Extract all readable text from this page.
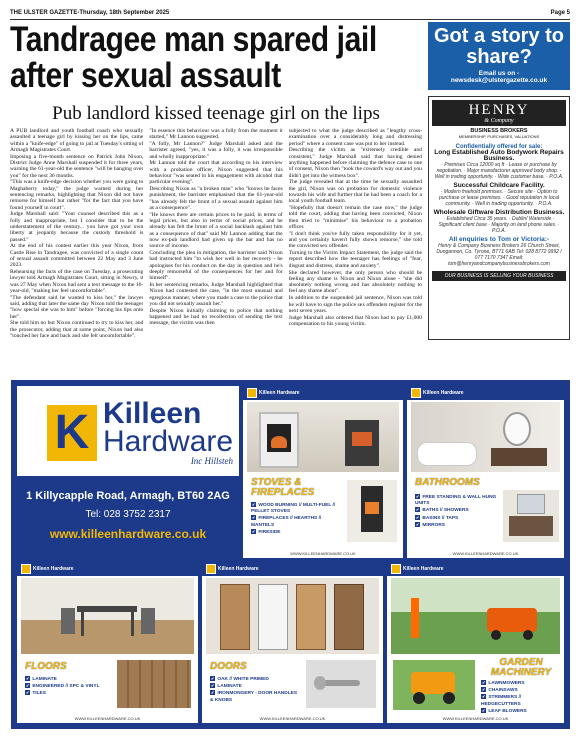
THE ULSTER GAZETTE-Thursday, 18th September 2025	Page 5
Tandragee man spared jail after sexual assault
Pub landlord kissed teenage girl on the lips

A PUB landlord and youth football coach who sexually assaulted a teenage girl by kissing her on the lips, came within a "knife-edge" of going to jail at Tuesday's sitting of Armagh Magistrates Court.

Imposing a five-month sentence on Patrick John Nixon, District Judge Anne Marshall suspended it for three years, warning the 61-year-old the sentence "will be hanging over you" for the next 36 months.

"This was a knife-edge decision whether you were going to Maghaberry today," the judge warned during her sentencing remarks, highlighting that Nixon did not have remorse for himself but rather "for the fact that you have found yourself in court".

Judge Marshall said: "Your counsel described this as a folly and inappropriate, but I consider that to be the understatement of the century... you have got your own liberty at jeopardy because the custody threshold is passed."

At the end of his contest earlier this year Nixon, from Castle Rise in Tandragee, was convicted of a single count of sexual assault committed between 22 May and 3 June 2023.

Rehearsing the facts of the case on Tuesday, a prosecuting lawyer told Armagh Magistrates Court, sitting in Newry, it was 27 May when Nixon had sent a text message to the 16-year-old, "making her feel uncomfortable".

"The defendant said he wanted to kiss her," the lawyer said, adding that later the same day Nixon told the teenager "how special she was to him" before "forcing his lips onto her".

She told him no but Nixon continued to try to kiss her, and the prosecutor, adding that at some point, Nixon had also "touched her face and back and she felt uncomfortable".

"In essence this behaviour was a folly from the moment it started," Mr Lannon suggested.

"A folly, Mr Lannon?" Judge Marshall asked and the barrister agreed, "yes, it was a folly, it was irresponsible and wholly inappropriate."

Mr Lannon told the court that according to his interview with a probation officer, Nixon suggested that his behaviour "was seated in his engagement with alcohol that particular evening".

Describing Nixon as "a broken man" who "knows he faces punishment, the barrister emphasised that the 61-year-old "has already felt the brunt of a sexual assault against him as a consequence".

"He knows there are certain prices to be paid, in terms of legal prices, but also in terms of social prices, and he already has felt the brunt of a social backlash against him as a consequence of that" said Mr Lannon adding that the now ex-pub landlord had given up the bar and has no source of income.

Concluding the plea in mitigation, the barrister said Nixon had instructed him "to wish her well in her recovery - he apologises for his conduct on the day in question and he's deeply remorseful of the consequences for her and for himself".

In her sentencing remarks, Judge Marshall highlighted that Nixon had contested the case, "in the most unusual and egregious manner, where you made a case to the police that you did not sexually assault her."

Despite Nixon initially claiming to police that nothing happened and he had no recollection of sending the text message, the victim was then

subjected to what the judge described as "lengthy cross-examination over a considerably long and distressing period" where a consent case was put to her instead.

Describing the victim as "extremely credible and consistent," Judge Marshall said that having denied anything happened before claiming the defence case to one of consent, Nixon then "took the coward's way out and you didn't get into the witness box".

The judge revealed that at the time he sexually assaulted the girl, Nixon was on probation for domestic violence towards his wife and further that he had been a coach for a local youth football team.

"Hopefully that doesn't remain the case now," the judge told the court, adding that having been convicted, Nixon then tried to "minimise" his behaviour to a probation officer.

"I don't think you've fully taken responsibility for it yet, and you certainly haven't fully shown remorse," she told the convicted sex offender.

Turning to the Victim Impact Statement, the judge said the report described how the teenager has feelings of "fear, disgust and distress, shame and anxiety".

She declared however, the only person who should be feeling any shame is Nixon and Nixon alone - "she did absolutely nothing wrong and has absolutely nothing to feel any shame about".

In addition to the suspended jail sentence, Nixon was told he will have to sign the police sex offenders register for the next seven years.

Judge Marshall also ordered that Nixon had to pay £1,000 compensation to his young victim.

Got a story to share?
Email us on - newsdesk@ulstergazette.co.uk
HENRY
& Company
BUSINESS BROKERS
MEMBERSHIP, PURCHASES, VALUATIONS
Confidentially offered for sale:
Long Established Auto Bodywork Repairs Business.
· Premises Circa 12000 sq ft · Lease or purchase by negotiation. · Major manufacturer approved body shop. · Well in trading opportunity. · Wide customer base. · P.O.A.
Successful Childcare Facility.
· Modern freehold premises. · Secure site · Option to purchase or lease premises. · Good reputation in local community. · Well in trading opportunity. · P.O.A.
Wholesale Giftware Distribution Business.
· Established Circa 35 years. · Dublin/ Waterside · Significant client base · Majority on land phone sales. · P.O.A.
All enquiries to Tom or Victoria:-
Henry & Company Business Brokers 26 Church Street, Dungannon, Co. Tyrone, BT71 6AB Tel: 028 8772 9992 / 077 7170 7347 Email: tom@henryandcompanybusinessbrokers.com
OUR BUSINESS IS SELLING YOUR BUSINESS
K Killeen
Hardware
Inc Hillsteh
1 Killycapple Road, Armagh, BT60 2AG
Tel: 028 3752 2317
www.killeenhardware.co.uk
Killeen Hardware
STOVES & FIREPLACES
✔ WOOD BURNING // MULTI-FUEL // PELLET STOVES
✔ FIREPLACES // HEARTHS // MANTELS
✔ FIRESIDE
WWW.KILLEENHARDWARE.CO.UK
Killeen Hardware
BATHROOMS
✔ FREE STANDING & WALL HUNG UNITS
✔ BATHS // SHOWERS
✔ BASINS // TAPS
✔ MIRRORS
WWW.KILLEENHARDWARE.CO.UK
Killeen Hardware
FLOORS
✔ LAMINATE
✔ ENGINEERED // SPC & VINYL
✔ TILES
WWW.KILLEENHARDWARE.CO.UK
Killeen Hardware
DOORS
✔ OAK // WHITE PRIMED
✔ LAMINATE
✔ IRONMONGERY - DOOR HANDLES & KNOBS
WWW.KILLEENHARDWARE.CO.UK
Killeen Hardware
GARDEN MACHINERY
✔ LAWNMOWERS
✔ CHAINSAWS
✔ STRIMMERS // HEDGECUTTERS
✔ LEAF BLOWERS
WWW.KILLEENHARDWARE.CO.UK
